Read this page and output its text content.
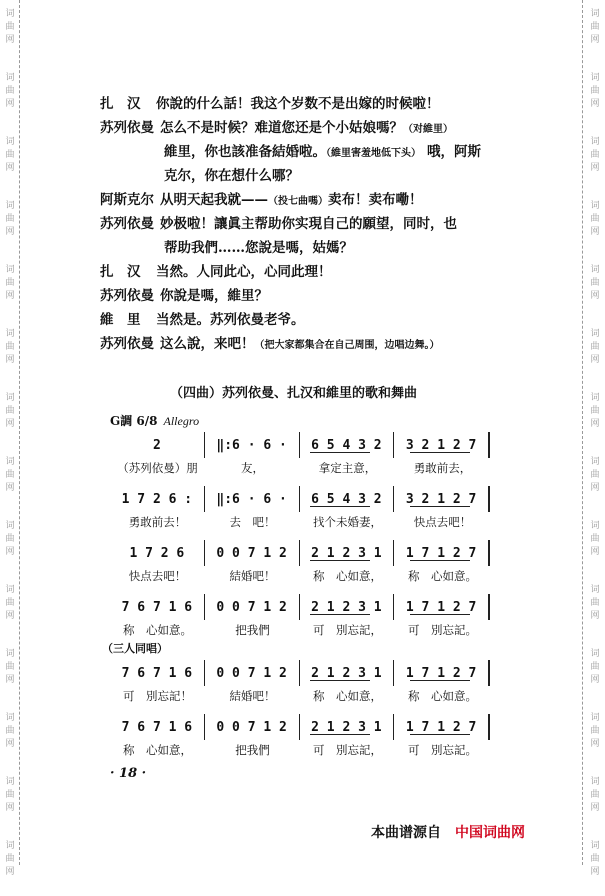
词
曲
网
词
曲
网
词
曲
网
词
曲
网
词
曲
网
词
曲
网
词
曲
网
词
曲
网
词
曲
网
词
曲
网
词
曲
网
词
曲
网
词
曲
网
词
曲
网
词
曲
网
词
曲
网
词
曲
网
词
曲
网
词
曲
网
词
曲
网
词
曲
网
词
曲
网
词
曲
网
词
曲
网
词
曲
网
词
曲
网
词
曲
网
词
曲
网
扎　汉 你說的什么話！我这个岁数不是出嫁的时候啦！
苏列依曼 怎么不是时候？难道您还是个小姑娘嗎？（对維里）
維里，你也該准备結婚啦。（維里害羞地低下头） 哦，阿斯
克尔，你在想什么哪？
阿斯克尔 从明天起我就——（投七曲嗎）卖布！卖布嘞！
苏列依曼 妙极啦！讓眞主帮助你实現自己的願望，同时，也
帮助我們……您說是嗎，姑媽？
扎　汉 当然。人同此心，心同此理！
苏列依曼 你說是嗎，維里？
維　里 当然是。苏列依曼老爷。
苏列依曼 这么說，来吧！（把大家都集合在自己周围，边唱边舞。）
（四曲）苏列依曼、扎汉和維里的歌和舞曲
G調 6/8 Allegro
2	‖:6 · 6 ·	6 5 4 3 2	3 2 1 2 7
（苏列依曼）朋	友，	拿定主意，	勇敢前去，
1 7 2 6 :	‖:6 · 6 ·	6 5 4 3 2	3 2 1 2 7
勇敢前去！	去　吧！	找个未婚妻，	快点去吧！
1 7 2 6	0 0 7 1 2	2 1 2 3 1	1 7 1 2 7
快点去吧！	結婚吧！	称　心如意，	称　心如意。
7 6 7 1 6	0 0 7 1 2	2 1 2 3 1	1 7 1 2 7
称　心如意。	把我們	可　別忘記，	可　別忘記。
7 6 7 1 6	0 0 7 1 2	2 1 2 3 1	1 7 1 2 7
可　別忘記！	結婚吧！	称　心如意，	称　心如意。
7 6 7 1 6	0 0 7 1 2	2 1 2 3 1	1 7 1 2 7
称　心如意，	把我們	可　別忘記，	可　別忘記。
（三人同唱）
· 18 ·
本曲谱源自 中国词曲网
